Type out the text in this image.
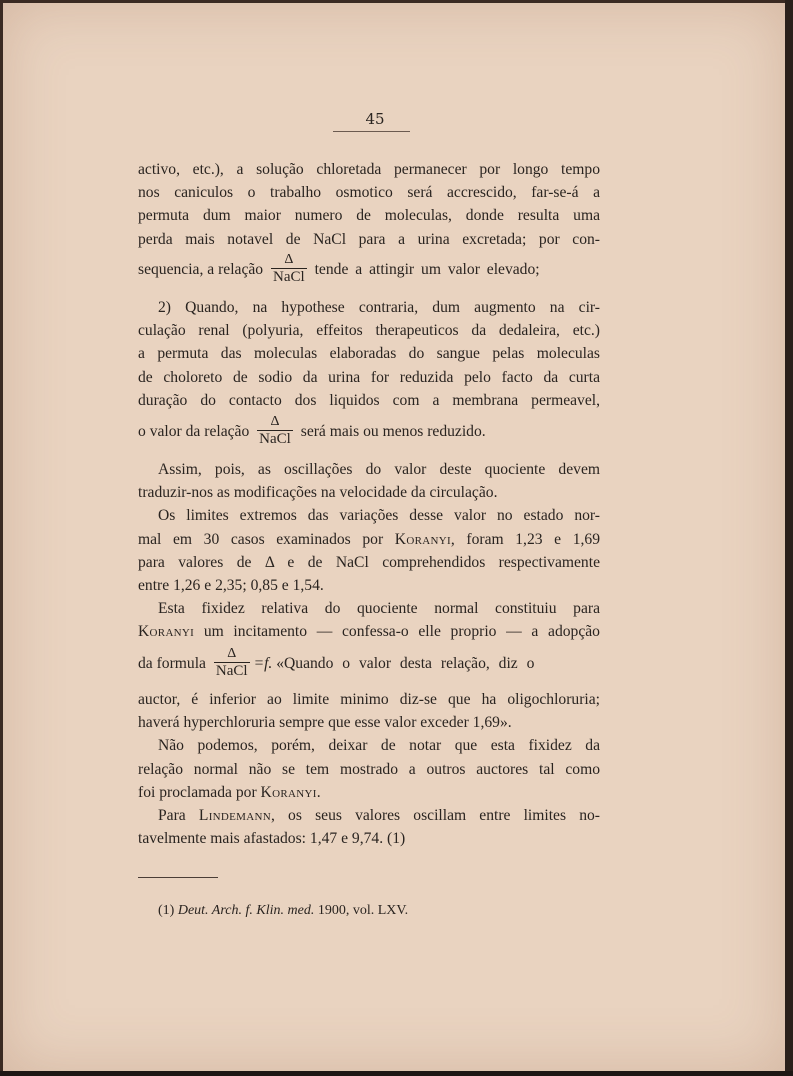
45
activo, etc.), a solução chloretada permanecer por longo tempo
nos caniculos o trabalho osmotico será accrescido, far-se-á a
permuta dum maior numero de moleculas, donde resulta uma
perda mais notavel de NaCl para a urina excretada; por con-
sequencia, a relação $\frac{\Delta}{\text{NaCl}}$ tende a attingir um valor elevado;
2) Quando, na hypothese contraria, dum augmento na cir-
culação renal (polyuria, effeitos therapeuticos da dedaleira, etc.)
a permuta das moleculas elaboradas do sangue pelas moleculas
de choloreto de sodio da urina for reduzida pelo facto da curta
duração do contacto dos liquidos com a membrana permeavel,
o valor da relação $\frac{\Delta}{\text{NaCl}}$ será mais ou menos reduzido.
Assim, pois, as oscillações do valor deste quociente devem
traduzir-nos as modificações na velocidade da circulação.
Os limites extremos das variações desse valor no estado nor-
mal em 30 casos examinados por Koranyi, foram 1,23 e 1,69
para valores de Δ e de NaCl comprehendidos respectivamente
entre 1,26 e 2,35; 0,85 e 1,54.
Esta fixidez relativa do quociente normal constituiu para
Koranyi um incitamento — confessa-o elle proprio — a adopção
da formula $\frac{\Delta}{\text{NaCl}} =f$. «Quando o valor desta relação, diz o
auctor, é inferior ao limite minimo diz-se que ha oligochloruria;
haverá hyperchloruria sempre que esse valor exceder 1,69».
Não podemos, porém, deixar de notar que esta fixidez da
relação normal não se tem mostrado a outros auctores tal como
foi proclamada por Koranyi.
Para Lindemann, os seus valores oscillam entre limites no-
tavelmente mais afastados: 1,47 e 9,74. (1)
(1) Deut. Arch. f. Klin. med. 1900, vol. LXV.
